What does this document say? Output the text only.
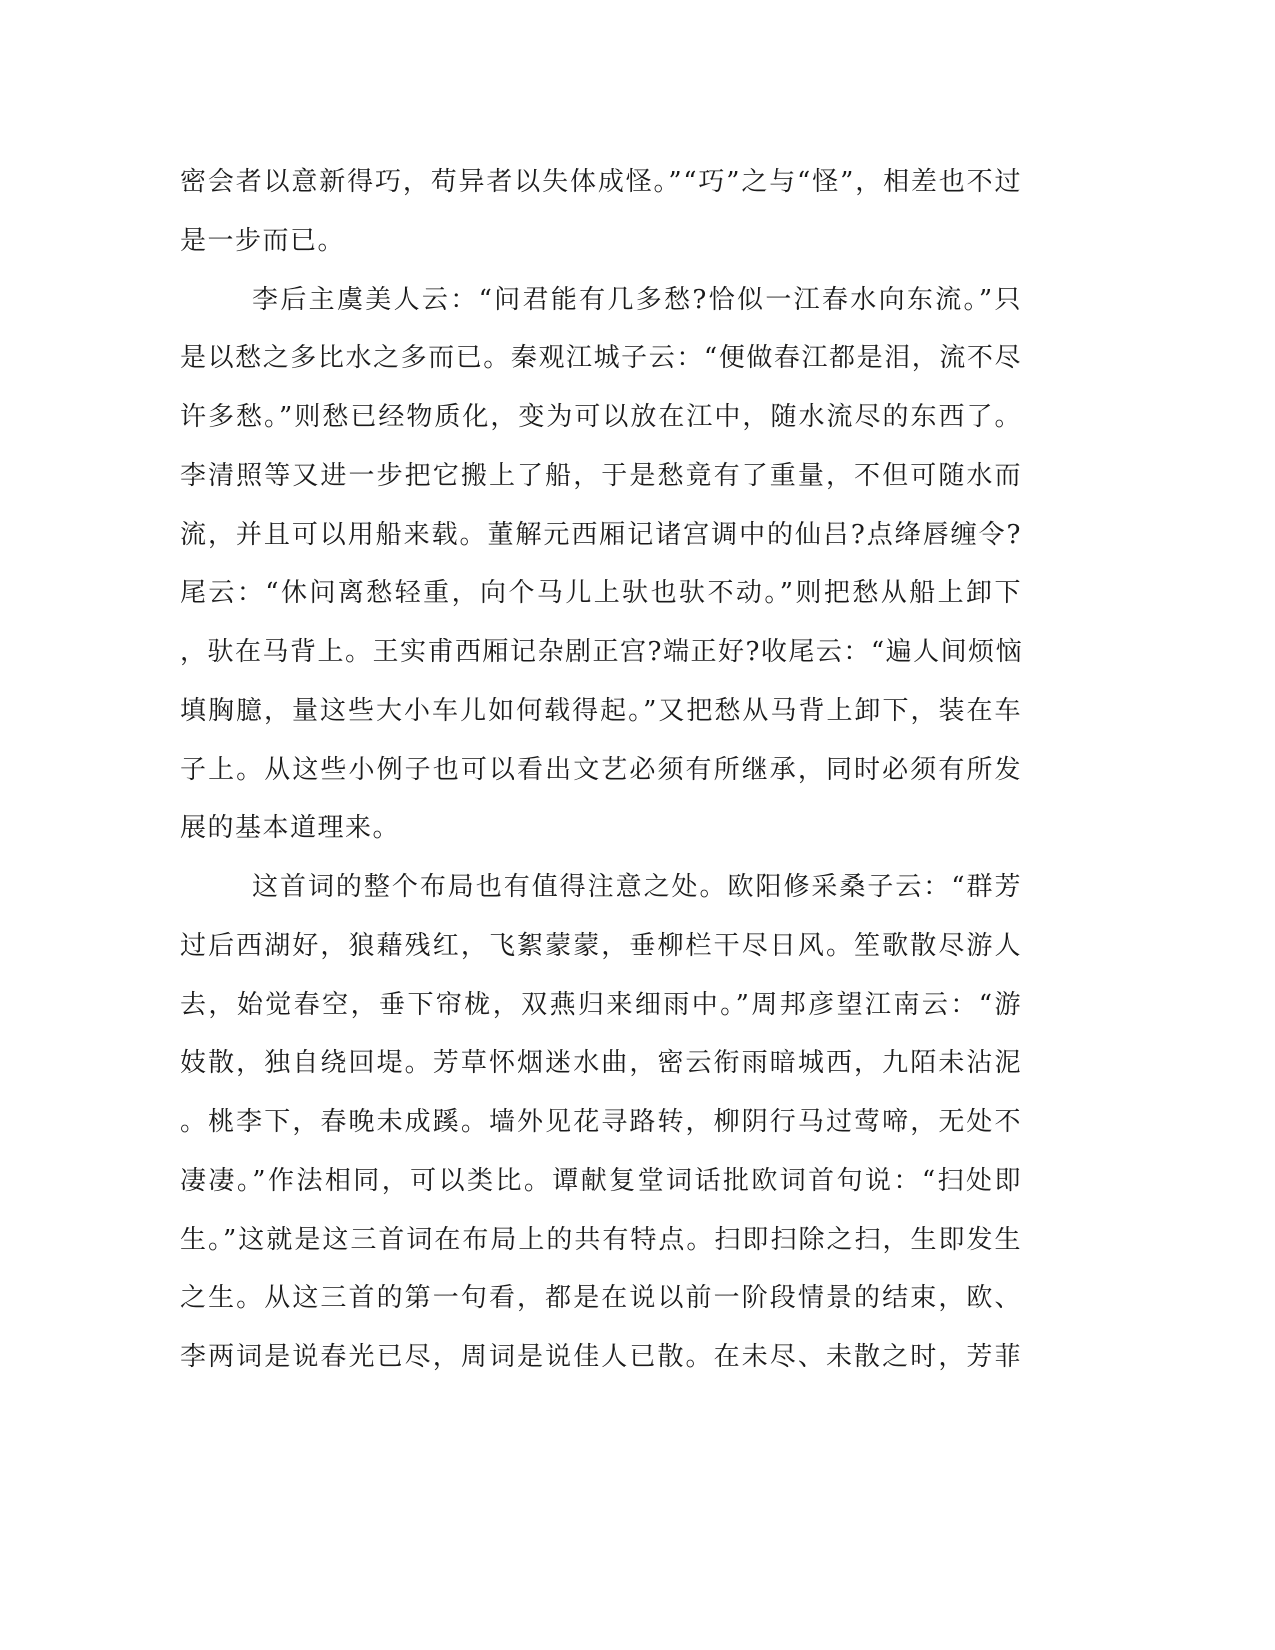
密会者以意新得巧，苟异者以失体成怪。”“巧”之与“怪”，相差也不过
是一步而已。
李后主虞美人云：“问君能有几多愁?恰似一江春水向东流。”只
是以愁之多比水之多而已。秦观江城子云：“便做春江都是泪，流不尽
许多愁。”则愁已经物质化，变为可以放在江中，随水流尽的东西了。
李清照等又进一步把它搬上了船，于是愁竟有了重量，不但可随水而
流，并且可以用船来载。董解元西厢记诸宫调中的仙吕?点绛唇缠令?
尾云：“休问离愁轻重，向个马儿上驮也驮不动。”则把愁从船上卸下
，驮在马背上。王实甫西厢记杂剧正宫?端正好?收尾云：“遍人间烦恼
填胸臆，量这些大小车儿如何载得起。”又把愁从马背上卸下，装在车
子上。从这些小例子也可以看出文艺必须有所继承，同时必须有所发
展的基本道理来。
这首词的整个布局也有值得注意之处。欧阳修采桑子云：“群芳
过后西湖好，狼藉残红，飞絮蒙蒙，垂柳栏干尽日风。笙歌散尽游人
去，始觉春空，垂下帘栊，双燕归来细雨中。”周邦彦望江南云：“游
妓散，独自绕回堤。芳草怀烟迷水曲，密云衔雨暗城西，九陌未沾泥
。桃李下，春晚未成蹊。墙外见花寻路转，柳阴行马过莺啼，无处不
凄凄。”作法相同，可以类比。谭献复堂词话批欧词首句说：“扫处即
生。”这就是这三首词在布局上的共有特点。扫即扫除之扫，生即发生
之生。从这三首的第一句看，都是在说以前一阶段情景的结束，欧、
李两词是说春光已尽，周词是说佳人已散。在未尽、未散之时，芳菲
